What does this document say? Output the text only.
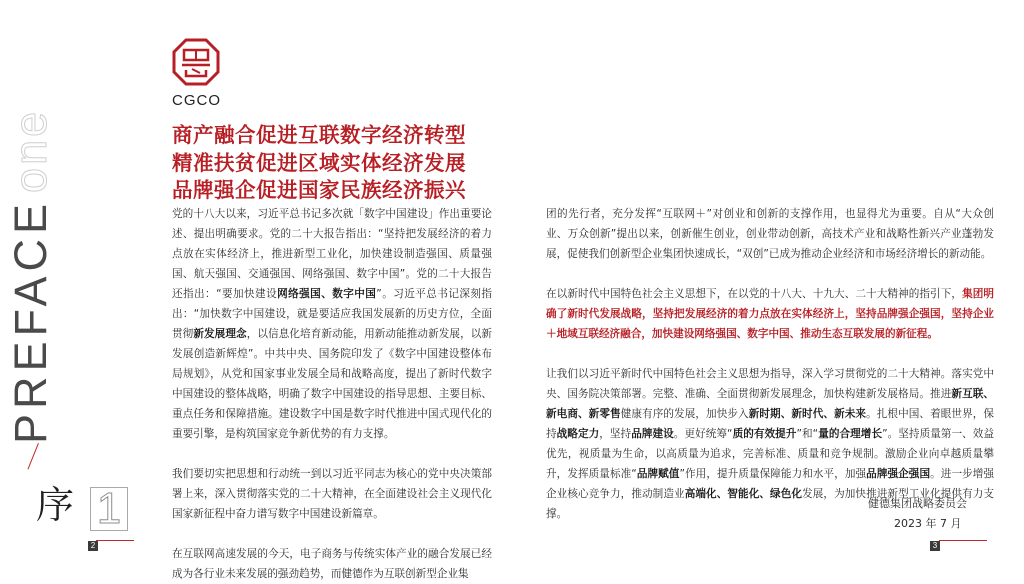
PREFACEone
序 1
2	3
CGCO
商产融合促进互联数字经济转型
精准扶贫促进区域实体经济发展
品牌强企促进国家民族经济振兴
党的十八大以来，习近平总书记多次就「数字中国建设」作出重要论述、提出明确要求。党的二十大报告指出：“坚持把发展经济的着力点放在实体经济上，推进新型工业化，加快建设制造强国、质量强国、航天强国、交通强国、网络强国、数字中国”。党的二十大报告还指出：“要加快建设网络强国、数字中国”。习近平总书记深刻指出：“加快数字中国建设，就是要适应我国发展新的历史方位，全面贯彻新发展理念，以信息化培育新动能，用新动能推动新发展，以新发展创造新辉煌”。中共中央、国务院印发了《数字中国建设整体布局规划》，从党和国家事业发展全局和战略高度，提出了新时代数字中国建设的整体战略，明确了数字中国建设的指导思想、主要目标、重点任务和保障措施。建设数字中国是数字时代推进中国式现代化的重要引擎，是构筑国家竞争新优势的有力支撑。
我们要切实把思想和行动统一到以习近平同志为核心的党中央决策部署上来，深入贯彻落实党的二十大精神，在全面建设社会主义现代化国家新征程中奋力谱写数字中国建设新篇章。
在互联网高速发展的今天，电子商务与传统实体产业的融合发展已经成为各行业未来发展的强劲趋势，而健德作为互联创新型企业集
团的先行者，充分发挥“互联网＋”对创业和创新的支撑作用，也显得尤为重要。自从“大众创业、万众创新”提出以来，创新催生创业，创业带动创新，高技术产业和战略性新兴产业蓬勃发展，促使我们创新型企业集团快速成长，“双创”已成为推动企业经济和市场经济增长的新动能。
在以新时代中国特色社会主义思想下，在以党的十八大、十九大、二十大精神的指引下，集团明确了新时代发展战略，坚持把发展经济的着力点放在实体经济上，坚持品牌强企强国，坚持企业＋地域互联经济融合，加快建设网络强国、数字中国、推动生态互联发展的新征程。
让我们以习近平新时代中国特色社会主义思想为指导，深入学习贯彻党的二十大精神。落实党中央、国务院决策部署。完整、准确、全面贯彻新发展理念，加快构建新发展格局。推进新互联、新电商、新零售健康有序的发展，加快步入新时期、新时代、新未来。扎根中国、着眼世界，保持战略定力，坚持品牌建设。更好统筹“质的有效提升”和“量的合理增长”。坚持质量第一、效益优先，视质量为生命，以高质量为追求，完善标准、质量和竞争规制。激励企业向卓越质量攀升，发挥质量标准“品牌赋值”作用，提升质量保障能力和水平，加强品牌强企强国。进一步增强企业核心竞争力，推动制造业高端化、智能化、绿色化发展，为加快推进新型工业化提供有力支撑。
健德集团战略委员会
2023 年 7 月
